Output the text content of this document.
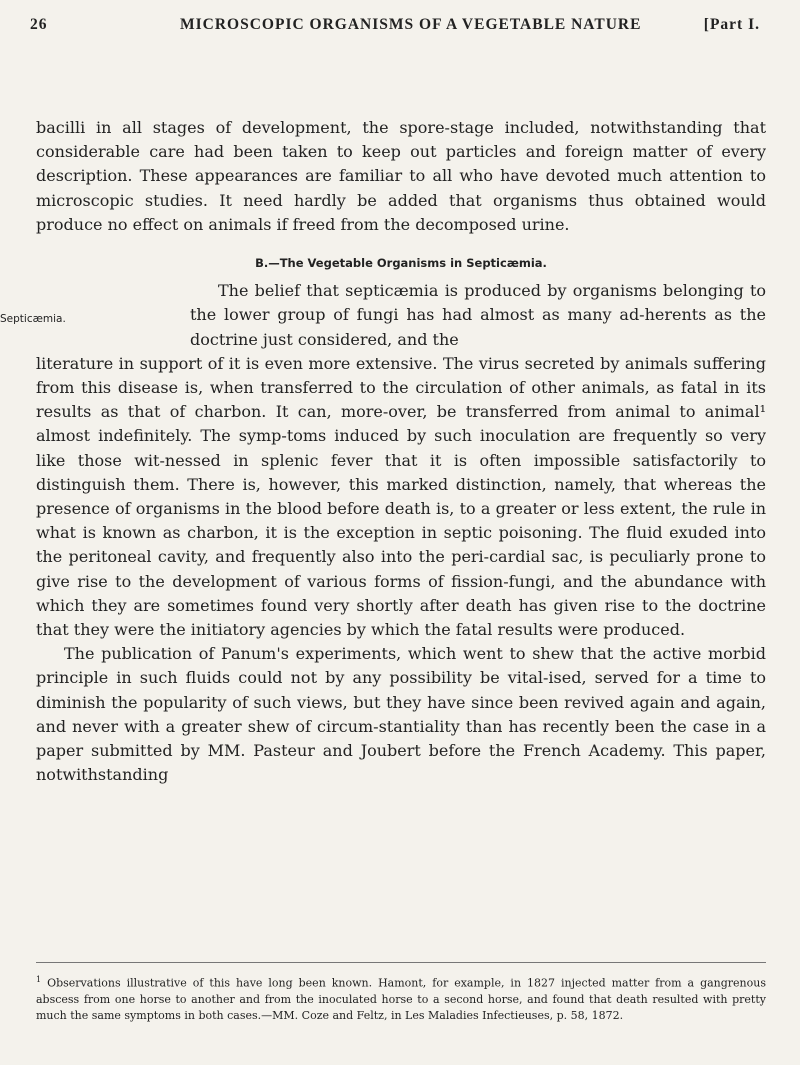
26	MICROSCOPIC ORGANISMS OF A VEGETABLE NATURE	[Part I.

bacilli in all stages of development, the spore-stage included, notwithstanding that considerable care had been taken to keep out particles and foreign matter of every description. These appearances are familiar to all who have devoted much attention to microscopic studies. It need hardly be added that organisms thus obtained would produce no effect on animals if freed from the decomposed urine.

B.—The Vegetable Organisms in Septicæmia.
Septicæmia.

The belief that septicæmia is produced by organisms belonging to the lower group of fungi has had almost as many ad-herents as the doctrine just considered, and the

literature in support of it is even more extensive. The virus secreted by animals suffering from this disease is, when transferred to the circulation of other animals, as fatal in its results as that of charbon. It can, more-over, be transferred from animal to animal¹ almost indefinitely. The symp-toms induced by such inoculation are frequently so very like those wit-nessed in splenic fever that it is often impossible satisfactorily to distinguish them. There is, however, this marked distinction, namely, that whereas the presence of organisms in the blood before death is, to a greater or less extent, the rule in what is known as charbon, it is the exception in septic poisoning. The fluid exuded into the peritoneal cavity, and frequently also into the peri-cardial sac, is peculiarly prone to give rise to the development of various forms of fission-fungi, and the abundance with which they are sometimes found very shortly after death has given rise to the doctrine that they were the initiatory agencies by which the fatal results were produced.

The publication of Panum's experiments, which went to shew that the active morbid principle in such fluids could not by any possibility be vital-ised, served for a time to diminish the popularity of such views, but they have since been revived again and again, and never with a greater shew of circum-stantiality than has recently been the case in a paper submitted by MM. Pasteur and Joubert before the French Academy. This paper, notwithstanding

$^1$ Observations illustrative of this have long been known. Hamont, for example, in 1827 injected matter from a gangrenous abscess from one horse to another and from the inoculated horse to a second horse, and found that death resulted with pretty much the same symptoms in both cases.—MM. Coze and Feltz, in Les Maladies Infectieuses, p. 58, 1872.
